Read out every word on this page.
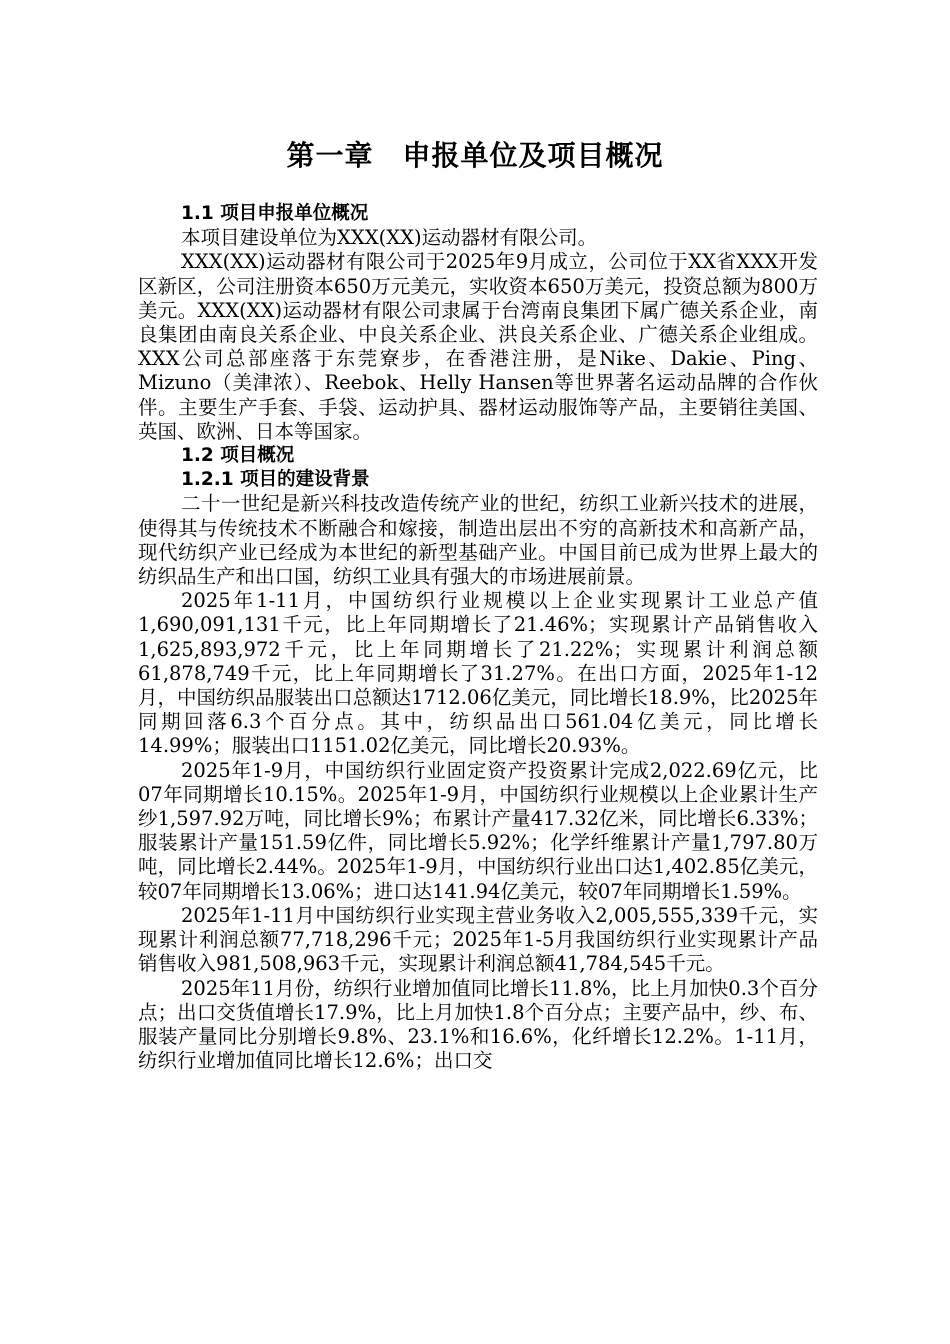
第一章　申报单位及项目概况
1.1 项目申报单位概况

本项目建设单位为XXX(XX)运动器材有限公司。

XXX(XX)运动器材有限公司于2025年9月成立，公司位于XX省XXX开发区新区，公司注册资本650万元美元，实收资本650万美元，投资总额为800万美元。XXX(XX)运动器材有限公司隶属于台湾南良集团下属广德关系企业，南良集团由南良关系企业、中良关系企业、洪良关系企业、广德关系企业组成。XXX公司总部座落于东莞寮步，在香港注册，是Nike、Dakie、Ping、Mizuno（美津浓）、Reebok、Helly Hansen等世界著名运动品牌的合作伙伴。主要生产手套、手袋、运动护具、器材运动服饰等产品，主要销往美国、英国、欧洲、日本等国家。

1.2 项目概况
1.2.1 项目的建设背景

二十一世纪是新兴科技改造传统产业的世纪，纺织工业新兴技术的进展，使得其与传统技术不断融合和嫁接，制造出层出不穷的高新技术和高新产品，现代纺织产业已经成为本世纪的新型基础产业。中国目前已成为世界上最大的纺织品生产和出口国，纺织工业具有强大的市场进展前景。

2025年1-11月，中国纺织行业规模以上企业实现累计工业总产值1,690,091,131千元，比上年同期增长了21.46%；实现累计产品销售收入1,625,893,972千元，比上年同期增长了21.22%；实现累计利润总额61,878,749千元，比上年同期增长了31.27%。在出口方面，2025年1-12月，中国纺织品服装出口总额达1712.06亿美元，同比增长18.9%，比2025年同期回落6.3个百分点。其中，纺织品出口561.04亿美元，同比增长14.99%；服装出口1151.02亿美元，同比增长20.93%。

2025年1-9月，中国纺织行业固定资产投资累计完成2,022.69亿元，比07年同期增长10.15%。2025年1-9月，中国纺织行业规模以上企业累计生产纱1,597.92万吨，同比增长9%；布累计产量417.32亿米，同比增长6.33%；服装累计产量151.59亿件，同比增长5.92%；化学纤维累计产量1,797.80万吨，同比增长2.44%。2025年1-9月，中国纺织行业出口达1,402.85亿美元，较07年同期增长13.06%；进口达141.94亿美元，较07年同期增长1.59%。

2025年1-11月中国纺织行业实现主营业务收入2,005,555,339千元，实现累计利润总额77,718,296千元；2025年1-5月我国纺织行业实现累计产品销售收入981,508,963千元，实现累计利润总额41,784,545千元。

2025年11月份，纺织行业增加值同比增长11.8%，比上月加快0.3个百分点；出口交货值增长17.9%，比上月加快1.8个百分点；主要产品中，纱、布、服装产量同比分别增长9.8%、23.1%和16.6%，化纤增长12.2%。1-11月，纺织行业增加值同比增长12.6%；出口交
